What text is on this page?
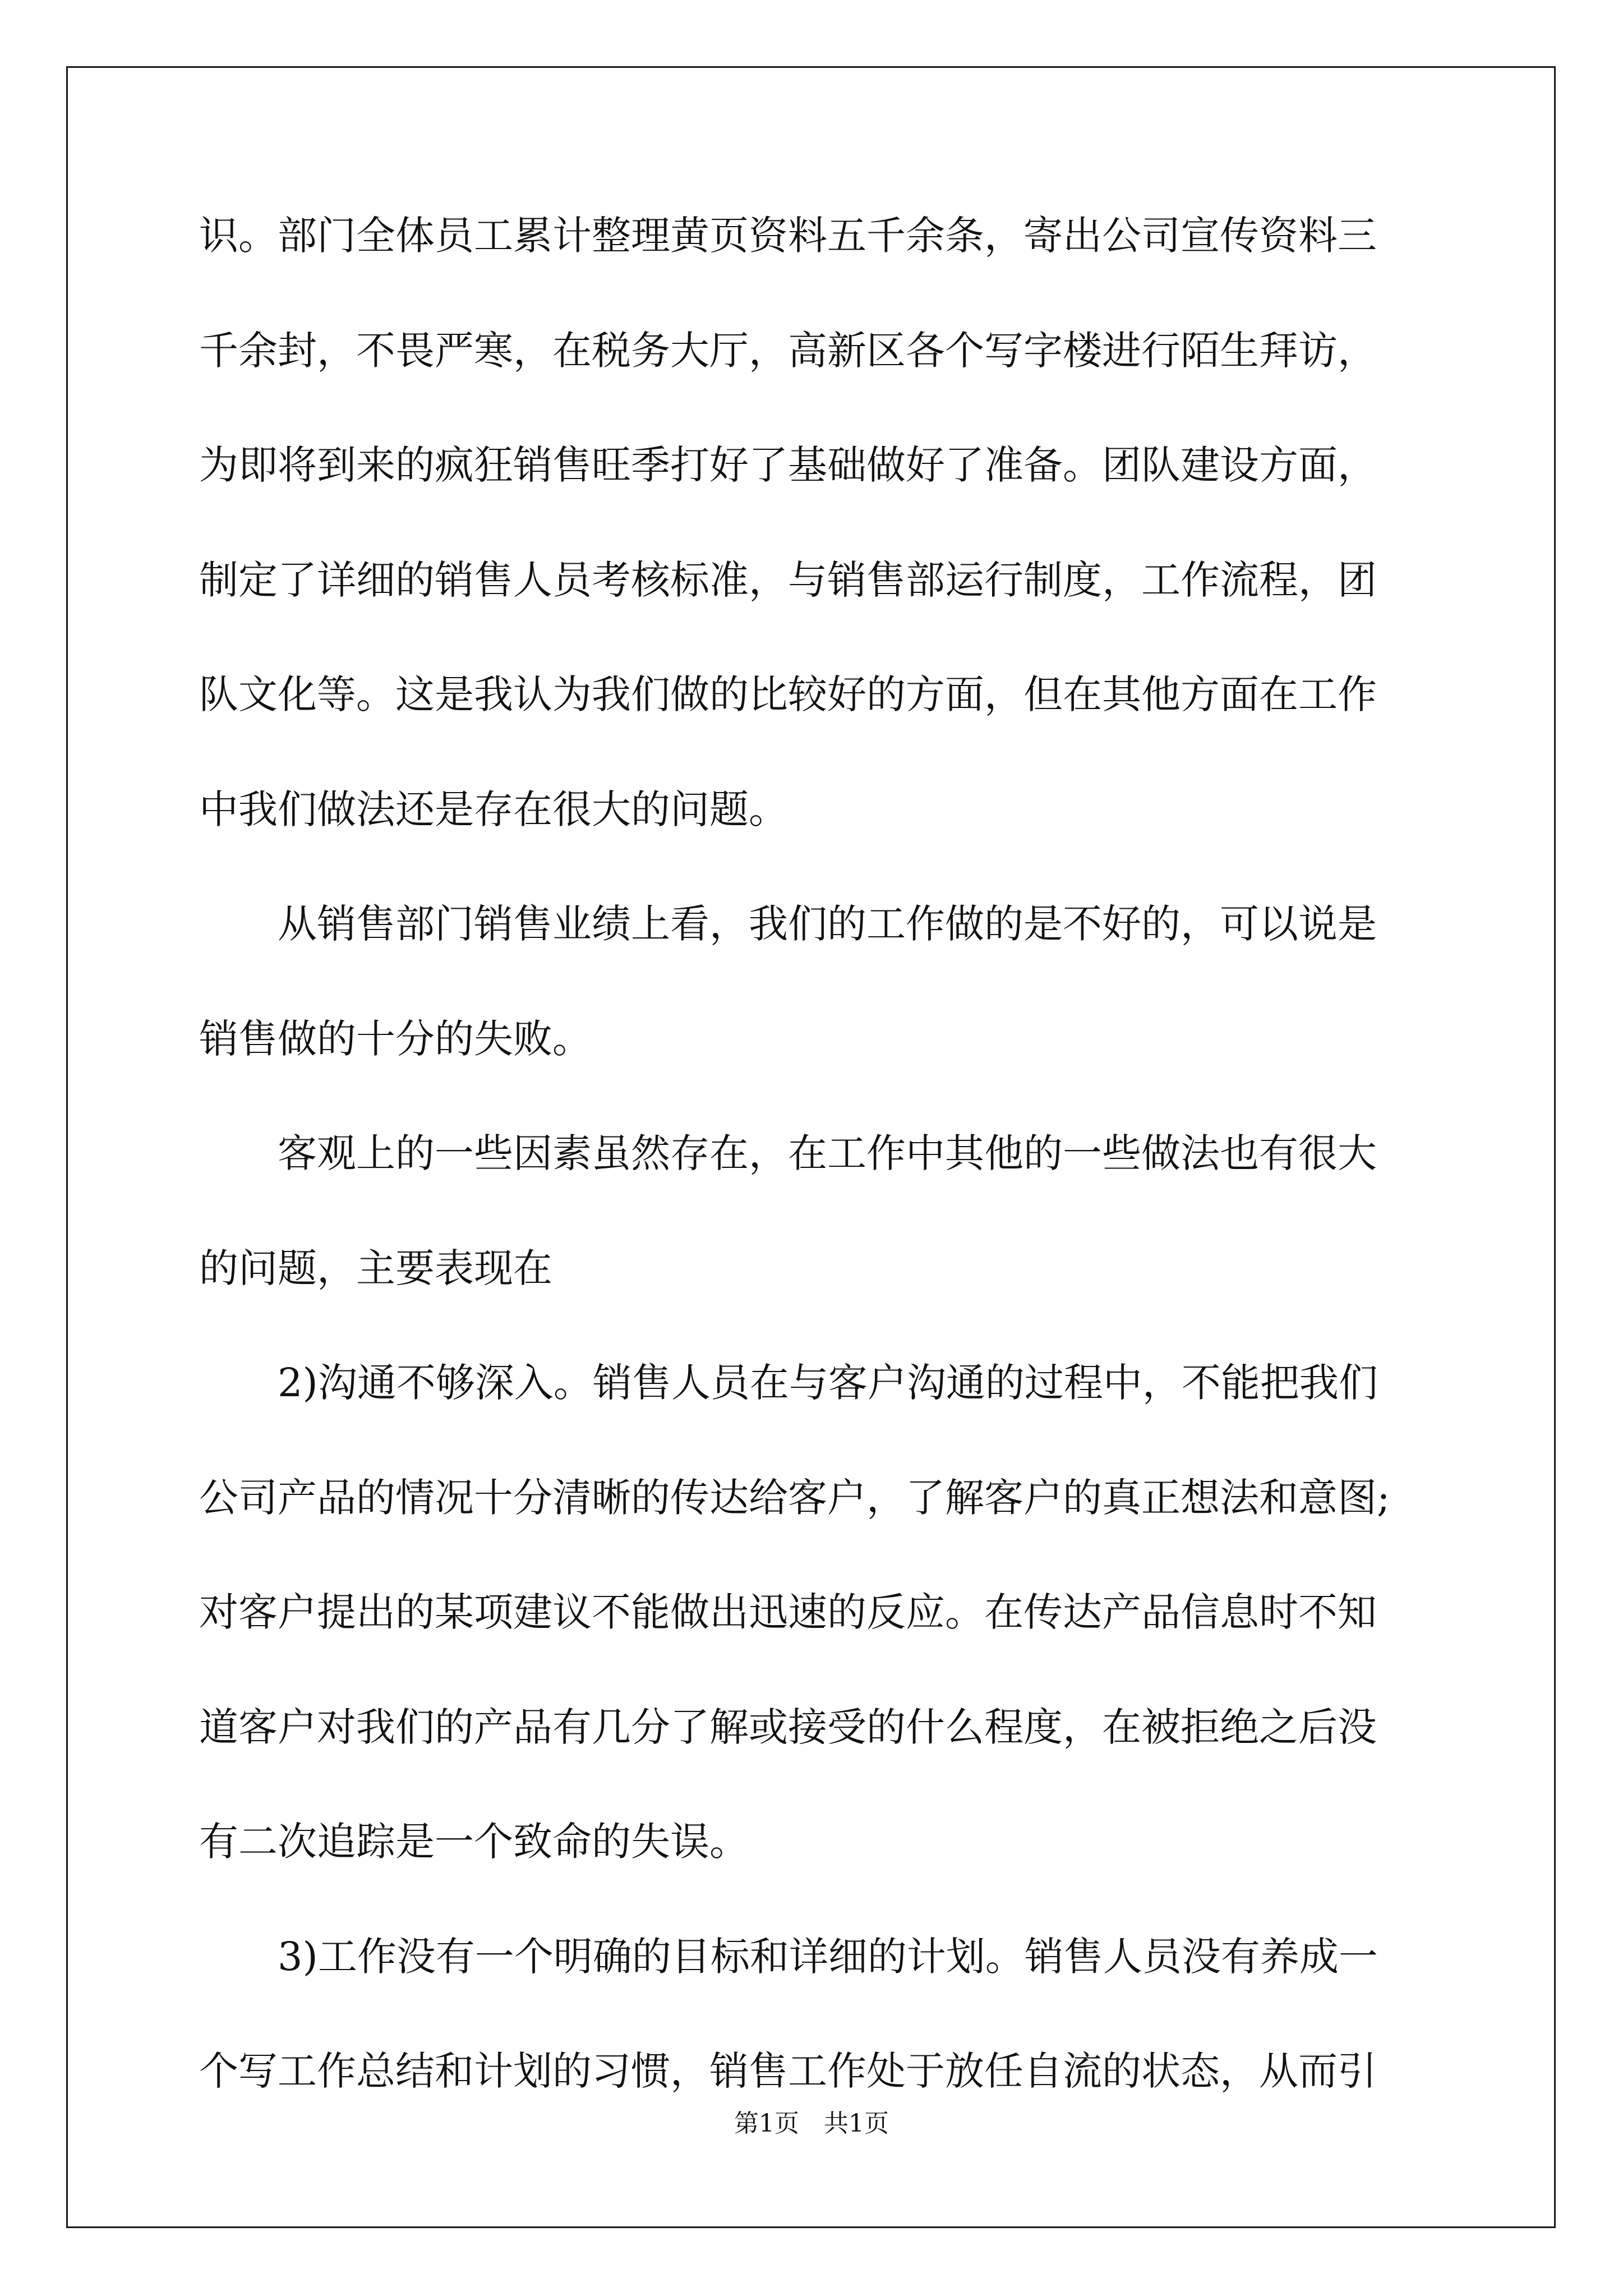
识。部门全体员工累计整理黄页资料五千余条，寄出公司宣传资料三
千余封，不畏严寒，在税务大厅，高新区各个写字楼进行陌生拜访，
为即将到来的疯狂销售旺季打好了基础做好了准备。团队建设方面，
制定了详细的销售人员考核标准，与销售部运行制度，工作流程，团
队文化等。这是我认为我们做的比较好的方面，但在其他方面在工作
中我们做法还是存在很大的问题。
从销售部门销售业绩上看，我们的工作做的是不好的，可以说是
销售做的十分的失败。
客观上的一些因素虽然存在，在工作中其他的一些做法也有很大
的问题，主要表现在
2)沟通不够深入。销售人员在与客户沟通的过程中，不能把我们
公司产品的情况十分清晰的传达给客户，了解客户的真正想法和意图;
对客户提出的某项建议不能做出迅速的反应。在传达产品信息时不知
道客户对我们的产品有几分了解或接受的什么程度，在被拒绝之后没
有二次追踪是一个致命的失误。
3)工作没有一个明确的目标和详细的计划。销售人员没有养成一
个写工作总结和计划的习惯，销售工作处于放任自流的状态，从而引
第1页　共1页
